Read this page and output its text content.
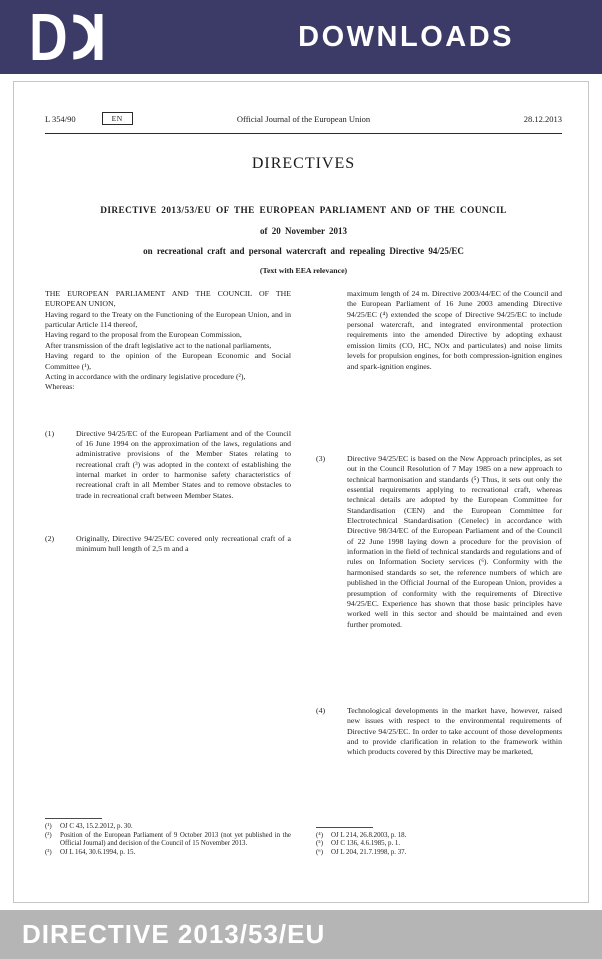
DOWNLOADS
L 354/90	EN	Official Journal of the European Union	28.12.2013
DIRECTIVES
DIRECTIVE 2013/53/EU OF THE EUROPEAN PARLIAMENT AND OF THE COUNCIL
of 20 November 2013
on recreational craft and personal watercraft and repealing Directive 94/25/EC
(Text with EEA relevance)

THE EUROPEAN PARLIAMENT AND THE COUNCIL OF THE EUROPEAN UNION,

Having regard to the Treaty on the Functioning of the European Union, and in particular Article 114 thereof,

Having regard to the proposal from the European Commission,

After transmission of the draft legislative act to the national parliaments,

Having regard to the opinion of the European Economic and Social Committee (¹),

Acting in accordance with the ordinary legislative procedure (²),

Whereas:

(1)	Directive 94/25/EC of the European Parliament and of the Council of 16 June 1994 on the approximation of the laws, regulations and administrative provisions of the Member States relating to recreational craft (³) was adopted in the context of establishing the internal market in order to harmonise safety characteristics of recreational craft in all Member States and to remove obstacles to trade in recreational craft between Member States.
(2)	Originally, Directive 94/25/EC covered only recreational craft of a minimum hull length of 2,5 m and a
(¹)	OJ C 43, 15.2.2012, p. 30.
(²)	Position of the European Parliament of 9 October 2013 (not yet published in the Official Journal) and decision of the Council of 15 November 2013.
(³)	OJ L 164, 30.6.1994, p. 15.
maximum length of 24 m. Directive 2003/44/EC of the Council and the European Parliament of 16 June 2003 amending Directive 94/25/EC (⁴) extended the scope of Directive 94/25/EC to include personal watercraft, and integrated environmental protection requirements into the amended Directive by adopting exhaust emission limits (CO, HC, NOx and particulates) and noise limits levels for propulsion engines, for both compression-ignition engines and spark-ignition engines.
(3)	Directive 94/25/EC is based on the New Approach principles, as set out in the Council Resolution of 7 May 1985 on a new approach to technical harmonisation and standards (⁵) Thus, it sets out only the essential requirements applying to recreational craft, whereas technical details are adopted by the European Committee for Standardisation (CEN) and the European Committee for Electrotechnical Standardisation (Cenelec) in accordance with Directive 98/34/EC of the European Parliament and of the Council of 22 June 1998 laying down a procedure for the provision of information in the field of technical standards and regulations and of rules on Information Society services (⁶). Conformity with the harmonised standards so set, the reference numbers of which are published in the Official Journal of the European Union, provides a presumption of conformity with the requirements of Directive 94/25/EC. Experience has shown that those basic principles have worked well in this sector and should be maintained and even further promoted.
(4)	Technological developments in the market have, however, raised new issues with respect to the environmental requirements of Directive 94/25/EC. In order to take account of those developments and to provide clarification in relation to the framework within which products covered by this Directive may be marketed,
(⁴)	OJ L 214, 26.8.2003, p. 18.
(⁵)	OJ C 136, 4.6.1985, p. 1.
(⁶)	OJ L 204, 21.7.1998, p. 37.
DIRECTIVE 2013/53/EU
